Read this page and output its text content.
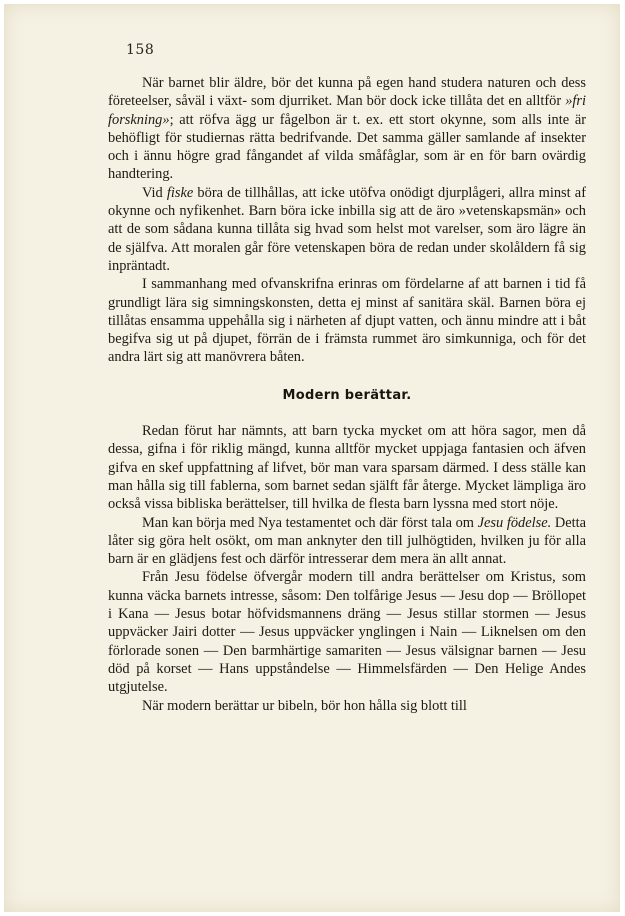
158

När barnet blir äldre, bör det kunna på egen hand studera naturen och dess företeelser, såväl i växt- som djurriket. Man bör dock icke tillåta det en alltför »fri forskning»; att röfva ägg ur fågelbon är t. ex. ett stort okynne, som alls inte är behöfligt för studiernas rätta bedrifvande. Det samma gäller samlande af insekter och i ännu högre grad fångandet af vilda småfåglar, som är en för barn ovärdig handtering.

Vid fiske böra de tillhållas, att icke utöfva onödigt djurplågeri, allra minst af okynne och nyfikenhet. Barn böra icke inbilla sig att de äro »vetenskapsmän» och att de som sådana kunna tillåta sig hvad som helst mot varelser, som äro lägre än de själfva. Att moralen går före vetenskapen böra de redan under skolåldern få sig inpräntadt.

I sammanhang med ofvanskrifna erinras om fördelarne af att barnen i tid få grundligt lära sig simningskonsten, detta ej minst af sanitära skäl. Barnen böra ej tillåtas ensamma uppehålla sig i närheten af djupt vatten, och ännu mindre att i båt begifva sig ut på djupet, förrän de i främsta rummet äro simkunniga, och för det andra lärt sig att manövrera båten.

Modern berättar.

Redan förut har nämnts, att barn tycka mycket om att höra sagor, men då dessa, gifna i för riklig mängd, kunna alltför mycket uppjaga fantasien och äfven gifva en skef uppfattning af lifvet, bör man vara sparsam därmed. I dess ställe kan man hålla sig till fablerna, som barnet sedan själft får återge. Mycket lämpliga äro också vissa bibliska berättelser, till hvilka de flesta barn lyssna med stort nöje.

Man kan börja med Nya testamentet och där först tala om Jesu födelse. Detta låter sig göra helt osökt, om man anknyter den till julhögtiden, hvilken ju för alla barn är en glädjens fest och därför intresserar dem mera än allt annat.

Från Jesu födelse öfvergår modern till andra berättelser om Kristus, som kunna väcka barnets intresse, såsom: Den tolfårige Jesus — Jesu dop — Bröllopet i Kana — Jesus botar höfvidsmannens dräng — Jesus stillar stormen — Jesus uppväcker Jairi dotter — Jesus uppväcker ynglingen i Nain — Liknelsen om den förlorade sonen — Den barmhärtige samariten — Jesus välsignar barnen — Jesu död på korset — Hans uppståndelse — Himmelsfärden — Den Helige Andes utgjutelse.

När modern berättar ur bibeln, bör hon hålla sig blott till
